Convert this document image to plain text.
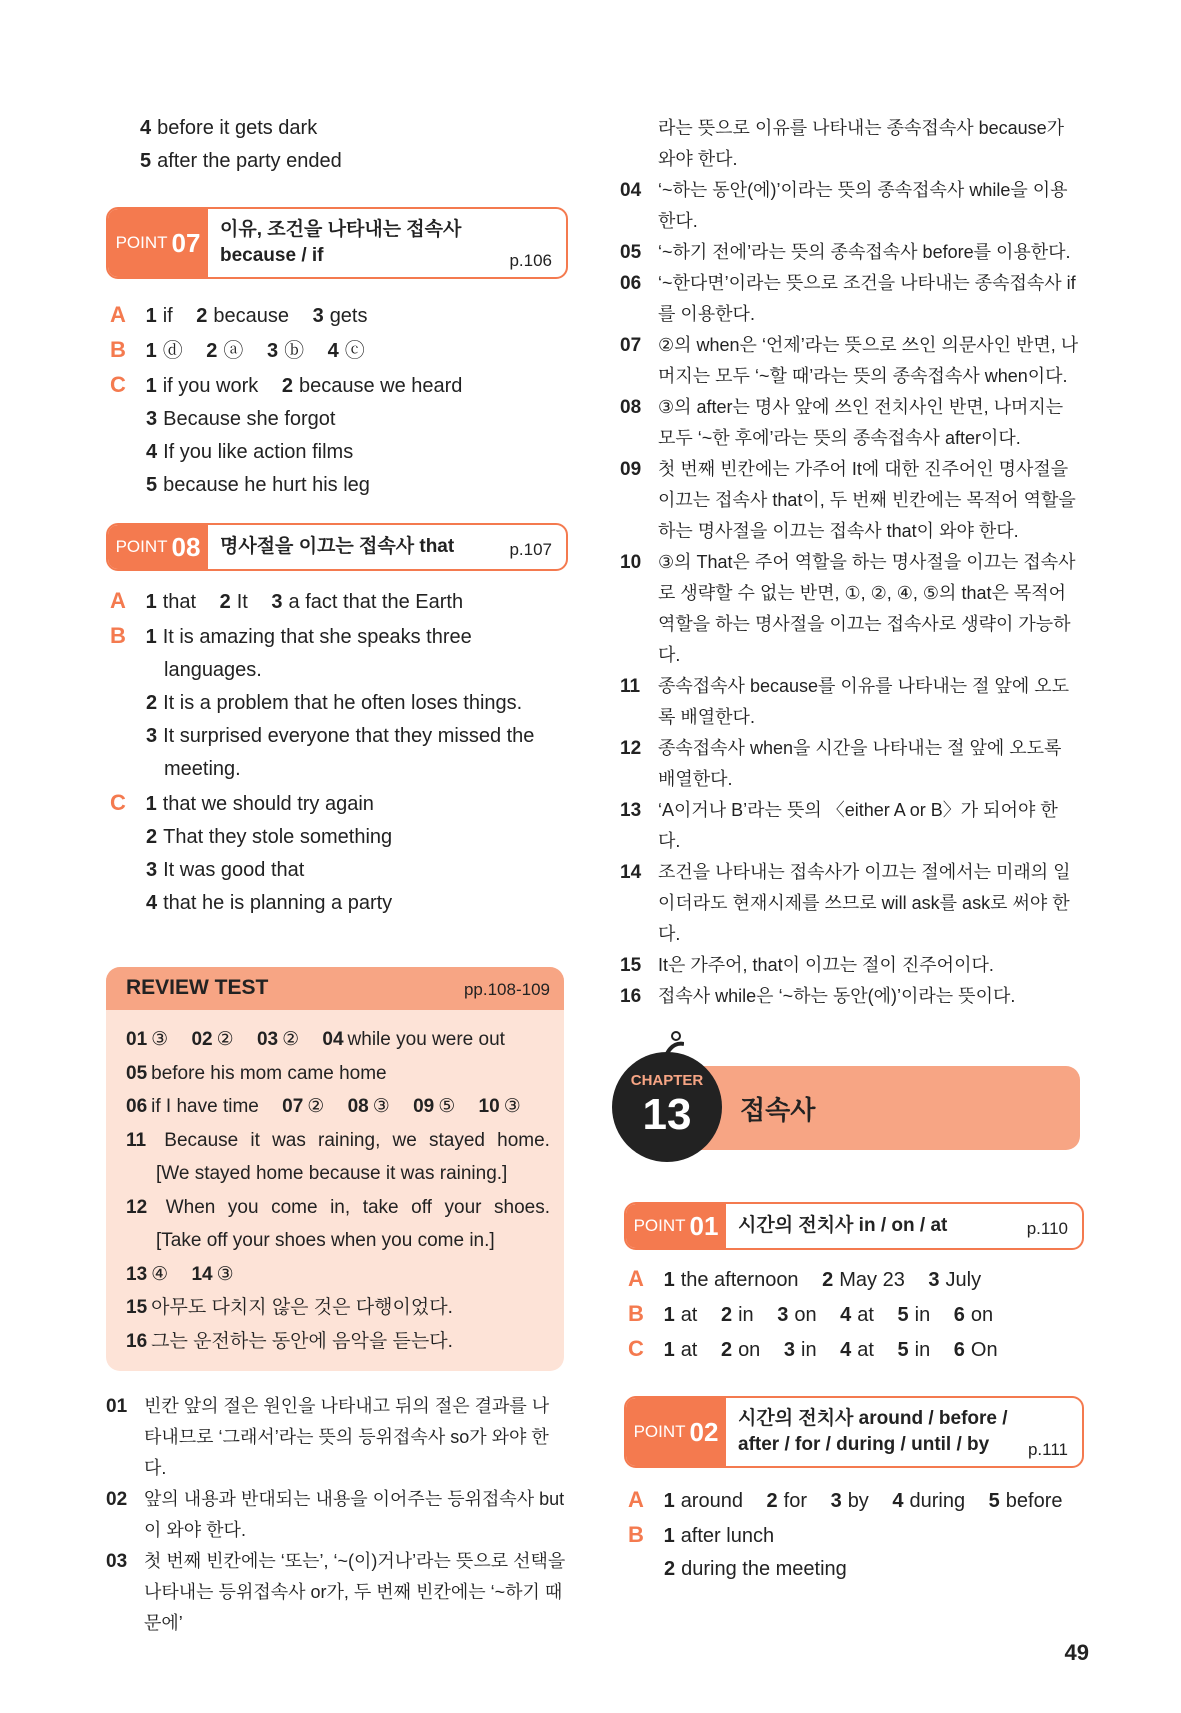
4 before it gets dark
5 after the party ended
POINT 07 이유, 조건을 나타내는 접속사
because / if	p.106
A 1 if 2 because 3 gets
B 1 ⓓ 2 ⓐ 3 ⓑ 4 ⓒ
C 1 if you work 2 because we heard
3 Because she forgot
4 If you like action films
5 because he hurt his leg
POINT 08 명사절을 이끄는 접속사 that	p.107
A 1 that 2 It 3 a fact that the Earth
B 1 It is amazing that she speaks three
languages.
2 It is a problem that he often loses things.
3 It surprised everyone that they missed the
meeting.
C 1 that we should try again
2 That they stole something
3 It was good that
4 that he is planning a party
REVIEW TEST	pp.108-109
01 ③ 02 ② 03 ② 04 while you were out
05 before his mom came home
06 if I have time 07 ② 08 ③ 09 ⑤ 10 ③
11 Because it was raining, we stayed home.
[We stayed home because it was raining.]
12 When you come in, take off your shoes.
[Take off your shoes when you come in.]
13 ④ 14 ③
15 아무도 다치지 않은 것은 다행이었다.
16 그는 운전하는 동안에 음악을 듣는다.
01 빈칸 앞의 절은 원인을 나타내고 뒤의 절은 결과를 나타내므로 ‘그래서’라는 뜻의 등위접속사 so가 와야 한다.
02 앞의 내용과 반대되는 내용을 이어주는 등위접속사 but이 와야 한다.
03 첫 번째 빈칸에는 ‘또는’, ‘~(이)거나’라는 뜻으로 선택을 나타내는 등위접속사 or가, 두 번째 빈칸에는 ‘~하기 때문에’
라는 뜻으로 이유를 나타내는 종속접속사 because가 와야 한다.
04 ‘~하는 동안(에)’이라는 뜻의 종속접속사 while을 이용한다.
05 ‘~하기 전에’라는 뜻의 종속접속사 before를 이용한다.
06 ‘~한다면’이라는 뜻으로 조건을 나타내는 종속접속사 if를 이용한다.
07 ②의 when은 ‘언제’라는 뜻으로 쓰인 의문사인 반면, 나머지는 모두 ‘~할 때’라는 뜻의 종속접속사 when이다.
08 ③의 after는 명사 앞에 쓰인 전치사인 반면, 나머지는 모두 ‘~한 후에’라는 뜻의 종속접속사 after이다.
09 첫 번째 빈칸에는 가주어 It에 대한 진주어인 명사절을 이끄는 접속사 that이, 두 번째 빈칸에는 목적어 역할을 하는 명사절을 이끄는 접속사 that이 와야 한다.
10 ③의 That은 주어 역할을 하는 명사절을 이끄는 접속사로 생략할 수 없는 반면, ①, ②, ④, ⑤의 that은 목적어 역할을 하는 명사절을 이끄는 접속사로 생략이 가능하다.
11 종속접속사 because를 이유를 나타내는 절 앞에 오도록 배열한다.
12 종속접속사 when을 시간을 나타내는 절 앞에 오도록 배열한다.
13 ‘A이거나 B’라는 뜻의 〈either A or B〉가 되어야 한다.
14 조건을 나타내는 접속사가 이끄는 절에서는 미래의 일이더라도 현재시제를 쓰므로 will ask를 ask로 써야 한다.
15 It은 가주어, that이 이끄는 절이 진주어이다.
16 접속사 while은 ‘~하는 동안(에)’이라는 뜻이다.
CHAPTER
13	접속사
POINT 01 시간의 전치사 in / on / at	p.110
A 1 the afternoon 2 May 23 3 July
B 1 at 2 in 3 on 4 at 5 in 6 on
C 1 at 2 on 3 in 4 at 5 in 6 On
POINT 02 시간의 전치사 around / before /
after / for / during / until / by	p.111
A 1 around 2 for 3 by 4 during 5 before
B 1 after lunch
2 during the meeting
49
